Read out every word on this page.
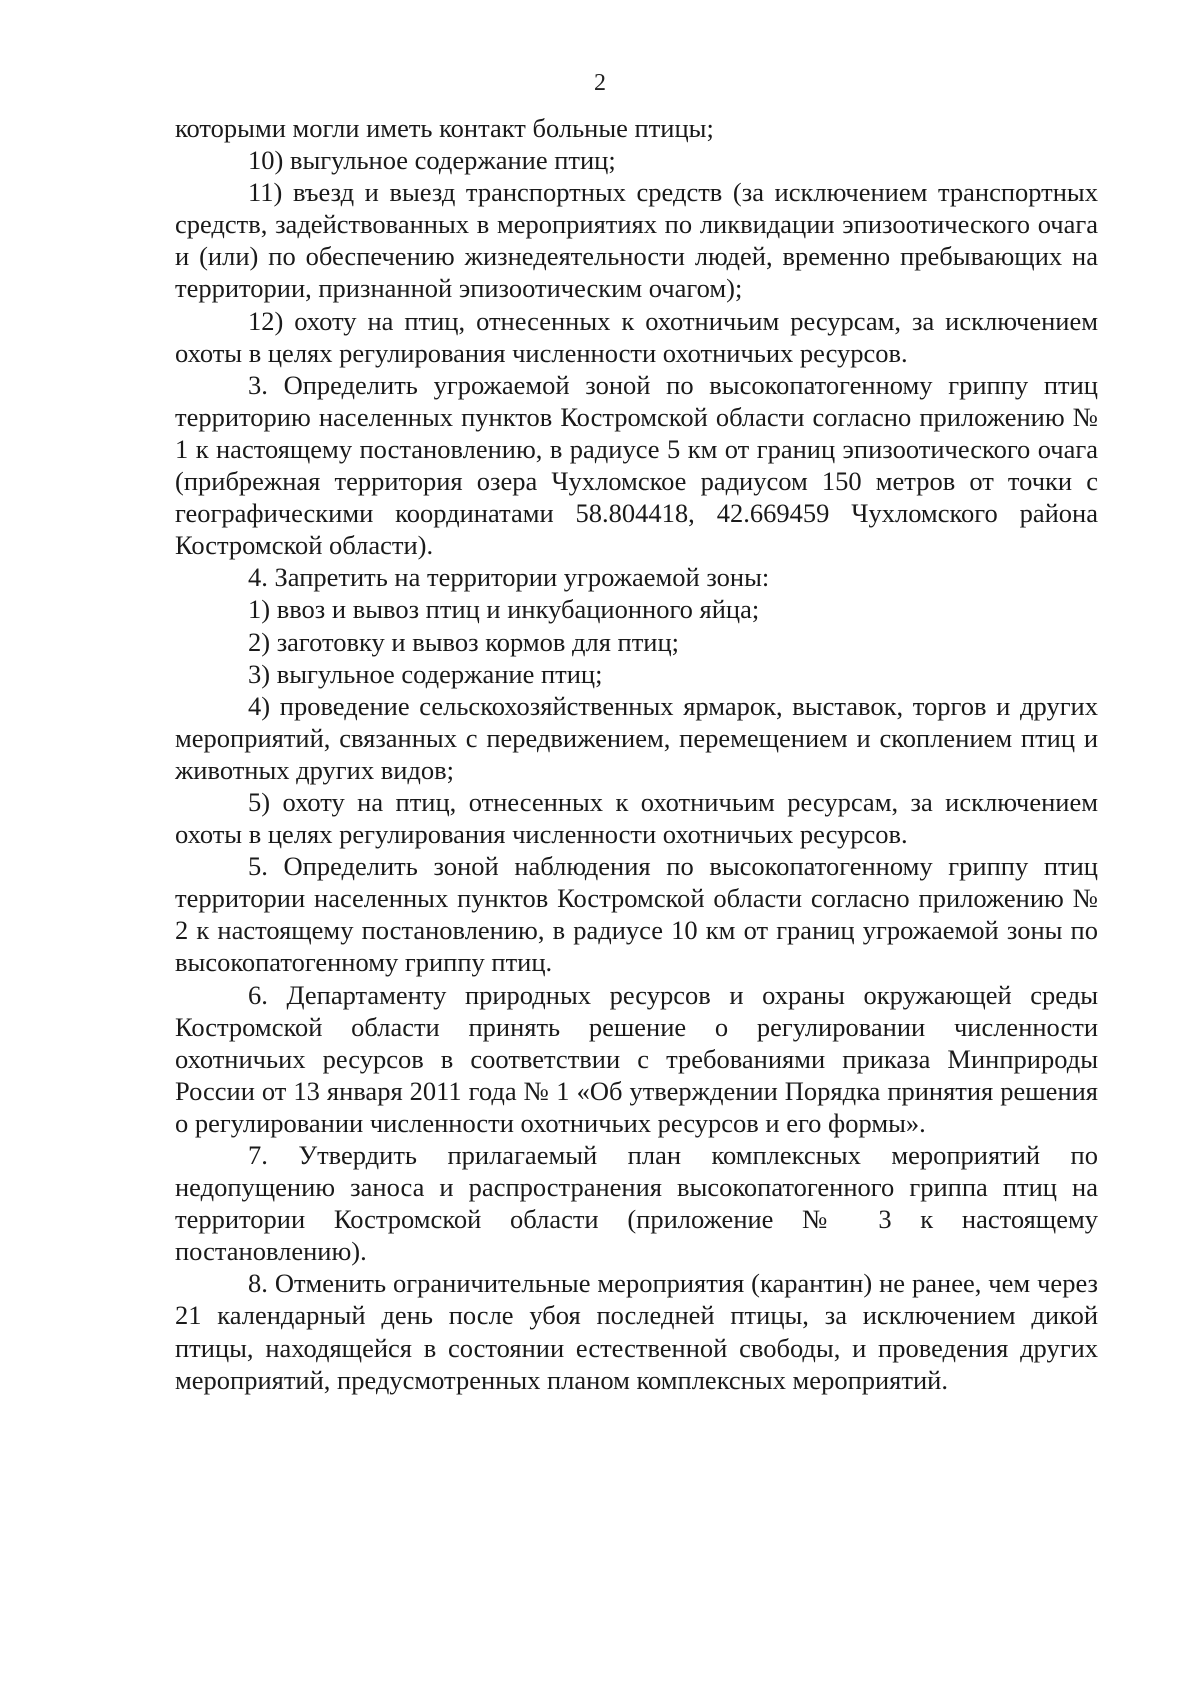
2

которыми могли иметь контакт больные птицы;

10) выгульное содержание птиц;

11) въезд и выезд транспортных средств (за исключением транспортных средств, задействованных в мероприятиях по ликвидации эпизоотического очага и (или) по обеспечению жизнедеятельности людей, временно пребывающих на территории, признанной эпизоотическим очагом);

12) охоту на птиц, отнесенных к охотничьим ресурсам, за исключением охоты в целях регулирования численности охотничьих ресурсов.

3. Определить угрожаемой зоной по высокопатогенному гриппу птиц территорию населенных пунктов Костромской области согласно приложению № 1 к настоящему постановлению, в радиусе 5 км от границ эпизоотического очага (прибрежная территория озера Чухломское радиусом 150 метров от точки с географическими координатами 58.804418, 42.669459 Чухломского района Костромской области).

4. Запретить на территории угрожаемой зоны:

1) ввоз и вывоз птиц и инкубационного яйца;

2) заготовку и вывоз кормов для птиц;

3) выгульное содержание птиц;

4) проведение сельскохозяйственных ярмарок, выставок, торгов и других мероприятий, связанных с передвижением, перемещением и скоплением птиц и животных других видов;

5) охоту на птиц, отнесенных к охотничьим ресурсам, за исключением охоты в целях регулирования численности охотничьих ресурсов.

5. Определить зоной наблюдения по высокопатогенному гриппу птиц территории населенных пунктов Костромской области согласно приложению № 2 к настоящему постановлению, в радиусе 10 км от границ угрожаемой зоны по высокопатогенному гриппу птиц.

6. Департаменту природных ресурсов и охраны окружающей среды Костромской области принять решение о регулировании численности охотничьих ресурсов в соответствии с требованиями приказа Минприроды России от 13 января 2011 года № 1 «Об утверждении Порядка принятия решения о регулировании численности охотничьих ресурсов и его формы».

7. Утвердить прилагаемый план комплексных мероприятий по недопущению заноса и распространения высокопатогенного гриппа птиц на территории Костромской области (приложение № 3 к настоящему постановлению).

8. Отменить ограничительные мероприятия (карантин) не ранее, чем через 21 календарный день после убоя последней птицы, за исключением дикой птицы, находящейся в состоянии естественной свободы, и проведения других мероприятий, предусмотренных планом комплексных мероприятий.
